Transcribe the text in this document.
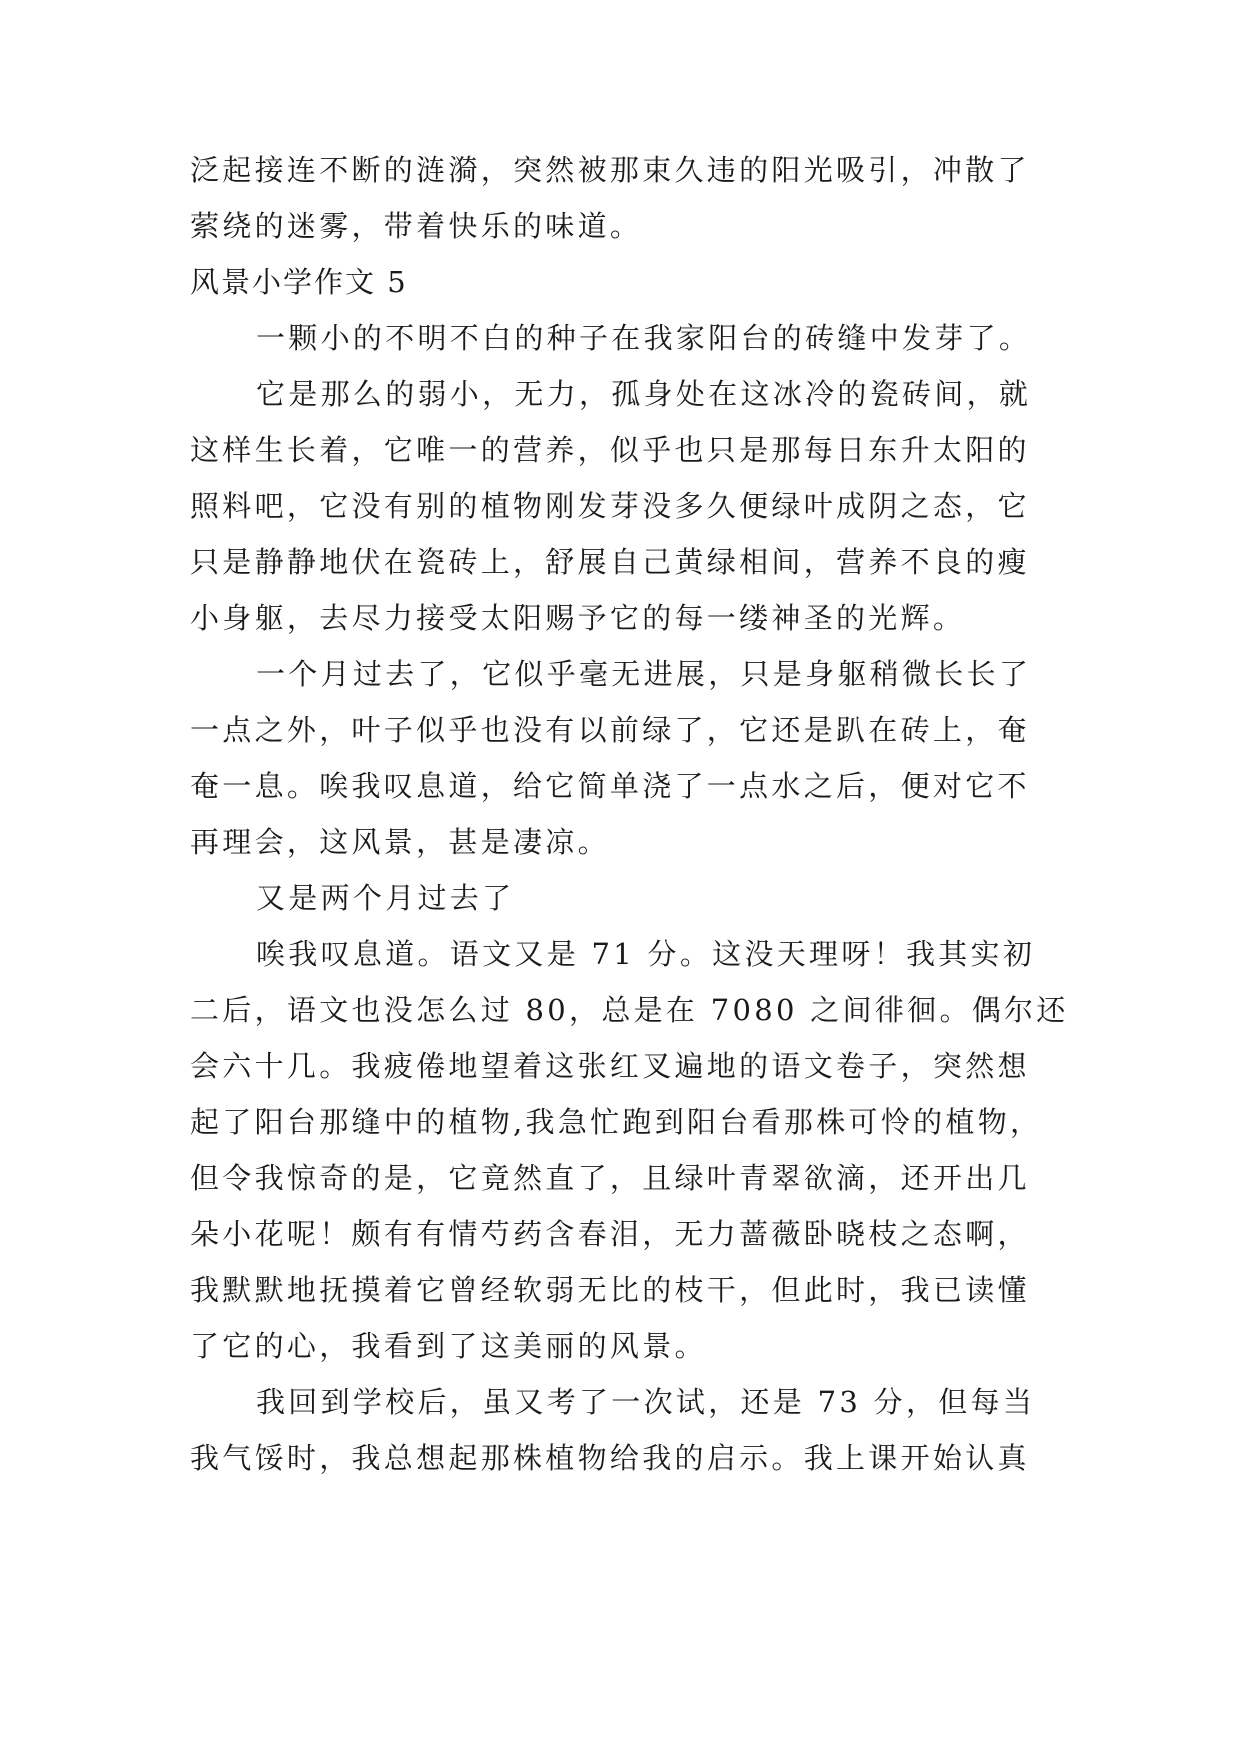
泛起接连不断的涟漪，突然被那束久违的阳光吸引，冲散了
萦绕的迷雾，带着快乐的味道。
风景小学作文 5
一颗小的不明不白的种子在我家阳台的砖缝中发芽了。
它是那么的弱小，无力，孤身处在这冰冷的瓷砖间，就
这样生长着，它唯一的营养，似乎也只是那每日东升太阳的
照料吧，它没有别的植物刚发芽没多久便绿叶成阴之态，它
只是静静地伏在瓷砖上，舒展自己黄绿相间，营养不良的瘦
小身躯，去尽力接受太阳赐予它的每一缕神圣的光辉。
一个月过去了，它似乎毫无进展，只是身躯稍微长长了
一点之外，叶子似乎也没有以前绿了，它还是趴在砖上，奄
奄一息。唉我叹息道，给它简单浇了一点水之后，便对它不
再理会，这风景，甚是凄凉。
又是两个月过去了
唉我叹息道。语文又是 71 分。这没天理呀！我其实初
二后，语文也没怎么过 80，总是在 7080 之间徘徊。偶尔还
会六十几。我疲倦地望着这张红叉遍地的语文卷子，突然想
起了阳台那缝中的植物,我急忙跑到阳台看那株可怜的植物，
但令我惊奇的是，它竟然直了，且绿叶青翠欲滴，还开出几
朵小花呢！颇有有情芍药含春泪，无力蔷薇卧晓枝之态啊，
我默默地抚摸着它曾经软弱无比的枝干，但此时，我已读懂
了它的心，我看到了这美丽的风景。
我回到学校后，虽又考了一次试，还是 73 分，但每当
我气馁时，我总想起那株植物给我的启示。我上课开始认真
